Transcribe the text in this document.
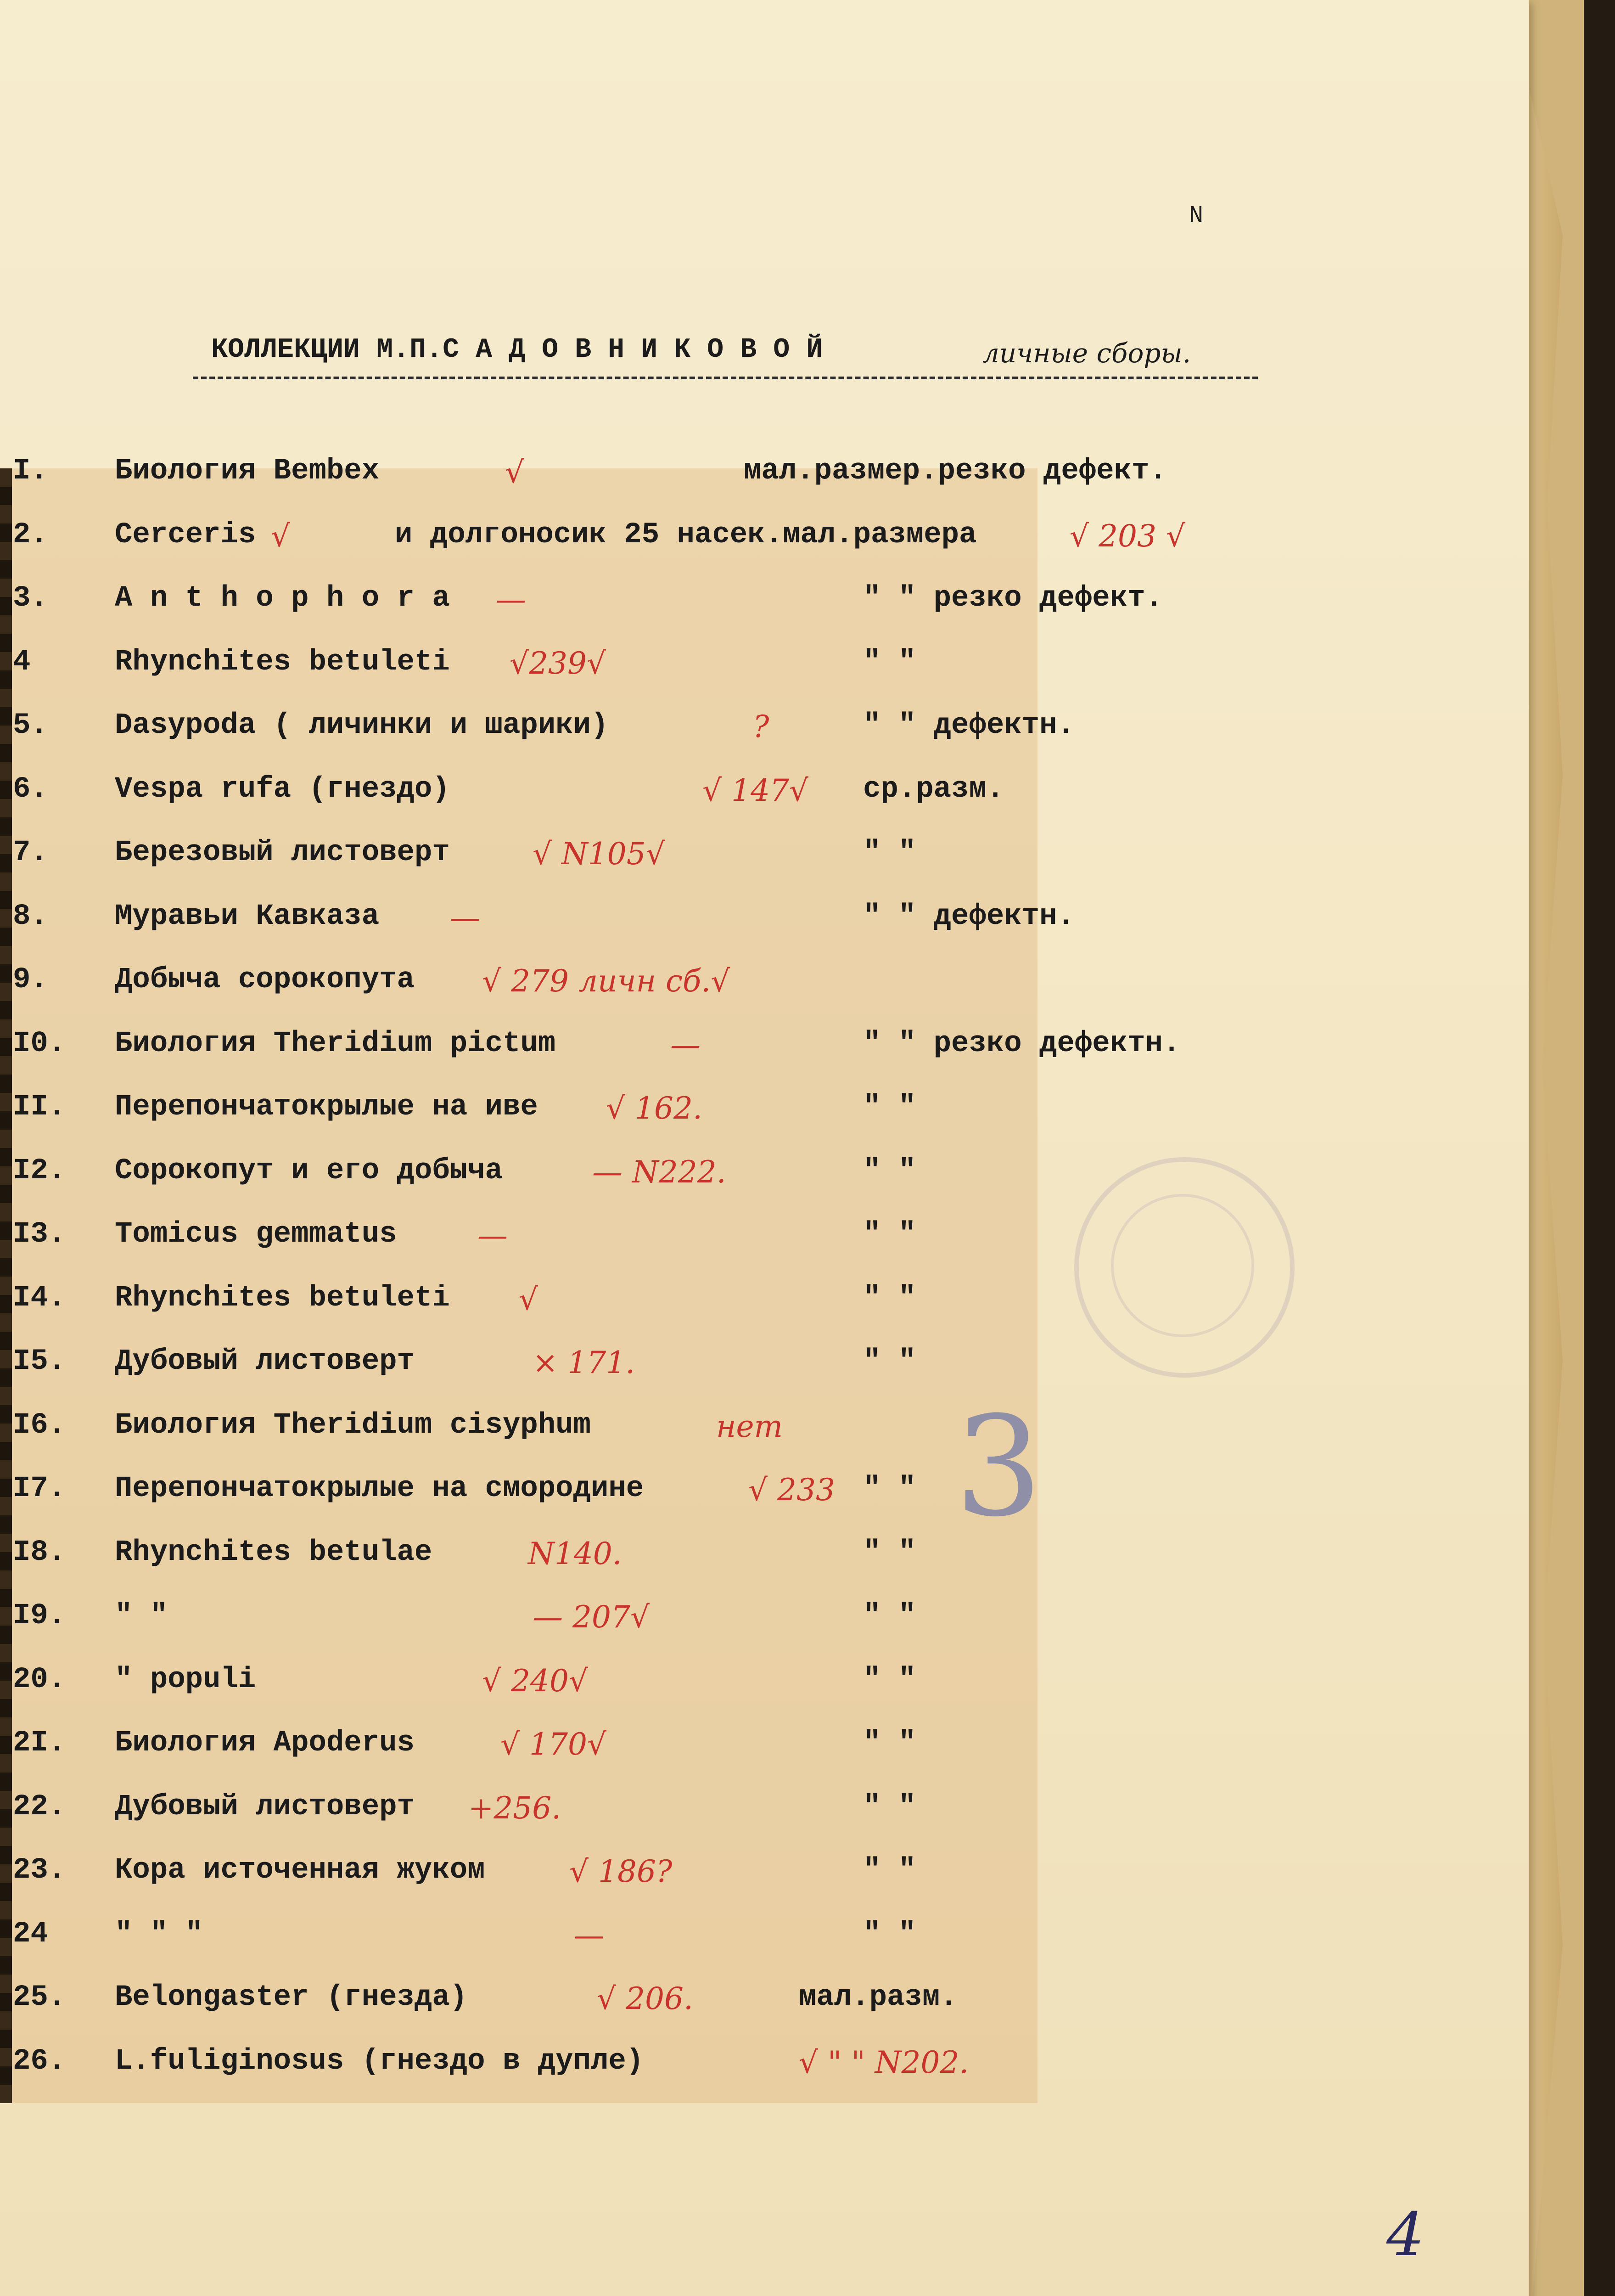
3
N
КОЛЛЕКЦИИ М.П.С А Д О В Н И К О В О Й	личные сборы.
I. Биология Bembex	√	мал.размер.резко дефект.
2. Cerceris √	и долгоносик 25 насек.мал.размера	√ 203 √
3. A n t h o p h o r a —	" " резко дефект.
4	Rhynchites betuleti √239√	" "
5. Dasypoda ( личинки и шарики)	?	" " дефектн.
6. Vespa rufa (гнездо)	√ 147√ ср.разм.
7. Березовый листоверт	√ N105√	" "
8. Муравьи Кавказа —	" " дефектн.
9. Добыча сорокопута √ 279 личн сб.√
I0. Биология Theridium pictum	—	" " резко дефектн.
II. Перепончатокрылые на иве √ 162.	" "
I2. Сорокопут и его добыча	— N222.	" "
I3. Tomicus gemmatus	—	" "
I4. Rhynchites betuleti √	" "
I5. Дубовый листоверт	× 171.	" "
I6. Биология Theridium cisyphum	нет
I7. Перепончатокрылые на смородине	√ 233 " "
I8. Rhynchites betulae	N140.	" "
I9. " "	— 207√	" "
20. " populi	√ 240√	" "
2I. Биология Apoderus	√ 170√	" "
22. Дубовый листоверт +256.	" "
23. Кора источенная жуком	√ 186?	" "
24 " " "	—	" "
25. Belongaster (гнезда)	√ 206.	мал.разм.
26. L.fuliginosus (гнездо в дупле)	√ " " N202.
4
